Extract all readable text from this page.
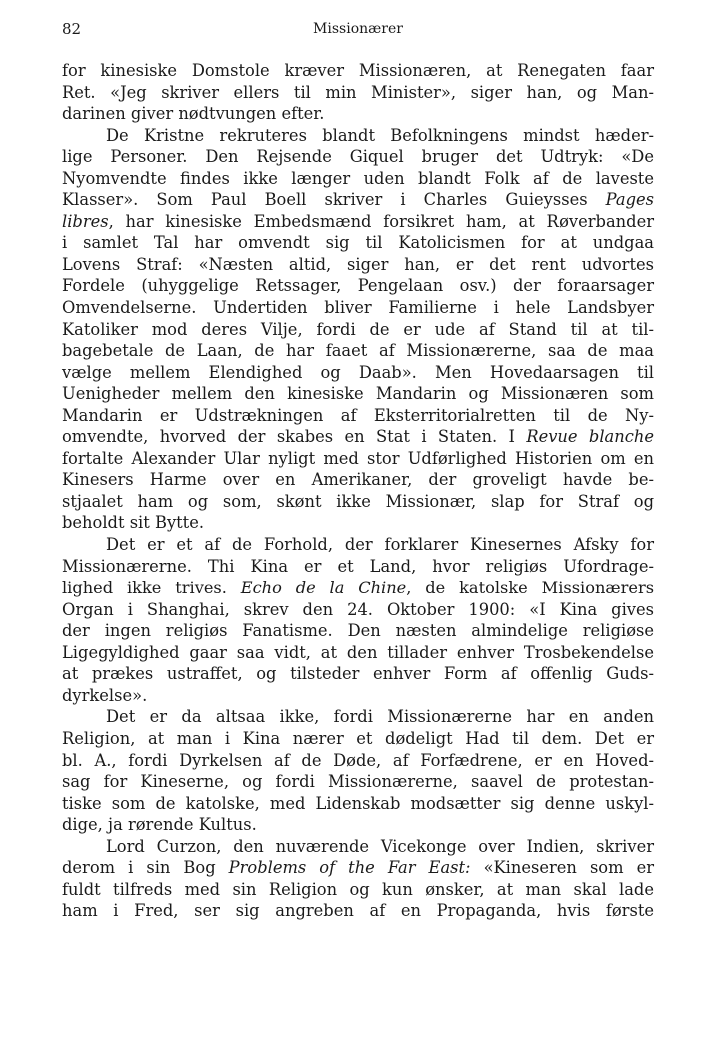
82	Missionærer
for kinesiske Domstole kræver Missionæren, at Renegaten faar
Ret. «Jeg skriver ellers til min Minister», siger han, og Man-
darinen giver nødtvungen efter.
De Kristne rekruteres blandt Befolkningens mindst hæder-
lige Personer. Den Rejsende Giquel bruger det Udtryk: «De
Nyomvendte findes ikke længer uden blandt Folk af de laveste
Klasser». Som Paul Boell skriver i Charles Guieysses Pages
libres, har kinesiske Embedsmænd forsikret ham, at Røverbander
i samlet Tal har omvendt sig til Katolicismen for at undgaa
Lovens Straf: «Næsten altid, siger han, er det rent udvortes
Fordele (uhyggelige Retssager, Pengelaan osv.) der foraarsager
Omvendelserne. Undertiden bliver Familierne i hele Landsbyer
Katoliker mod deres Vilje, fordi de er ude af Stand til at til-
bagebetale de Laan, de har faaet af Missionærerne, saa de maa
vælge mellem Elendighed og Daab». Men Hovedaarsagen til
Uenigheder mellem den kinesiske Mandarin og Missionæren som
Mandarin er Udstrækningen af Eksterritorialretten til de Ny-
omvendte, hvorved der skabes en Stat i Staten. I Revue blanche
fortalte Alexander Ular nyligt med stor Udførlighed Historien om en
Kinesers Harme over en Amerikaner, der groveligt havde be-
stjaalet ham og som, skønt ikke Missionær, slap for Straf og
beholdt sit Bytte.
Det er et af de Forhold, der forklarer Kinesernes Afsky for
Missionærerne. Thi Kina er et Land, hvor religiøs Ufordrage-
lighed ikke trives. Echo de la Chine, de katolske Missionærers
Organ i Shanghai, skrev den 24. Oktober 1900: «I Kina gives
der ingen religiøs Fanatisme. Den næsten almindelige religiøse
Ligegyldighed gaar saa vidt, at den tillader enhver Trosbekendelse
at prækes ustraffet, og tilsteder enhver Form af offenlig Guds-
dyrkelse».
Det er da altsaa ikke, fordi Missionærerne har en anden
Religion, at man i Kina nærer et dødeligt Had til dem. Det er
bl. A., fordi Dyrkelsen af de Døde, af Forfædrene, er en Hoved-
sag for Kineserne, og fordi Missionærerne, saavel de protestan-
tiske som de katolske, med Lidenskab modsætter sig denne uskyl-
dige, ja rørende Kultus.
Lord Curzon, den nuværende Vicekonge over Indien, skriver
derom i sin Bog Problems of the Far East: «Kineseren som er
fuldt tilfreds med sin Religion og kun ønsker, at man skal lade
ham i Fred, ser sig angreben af en Propaganda, hvis første
